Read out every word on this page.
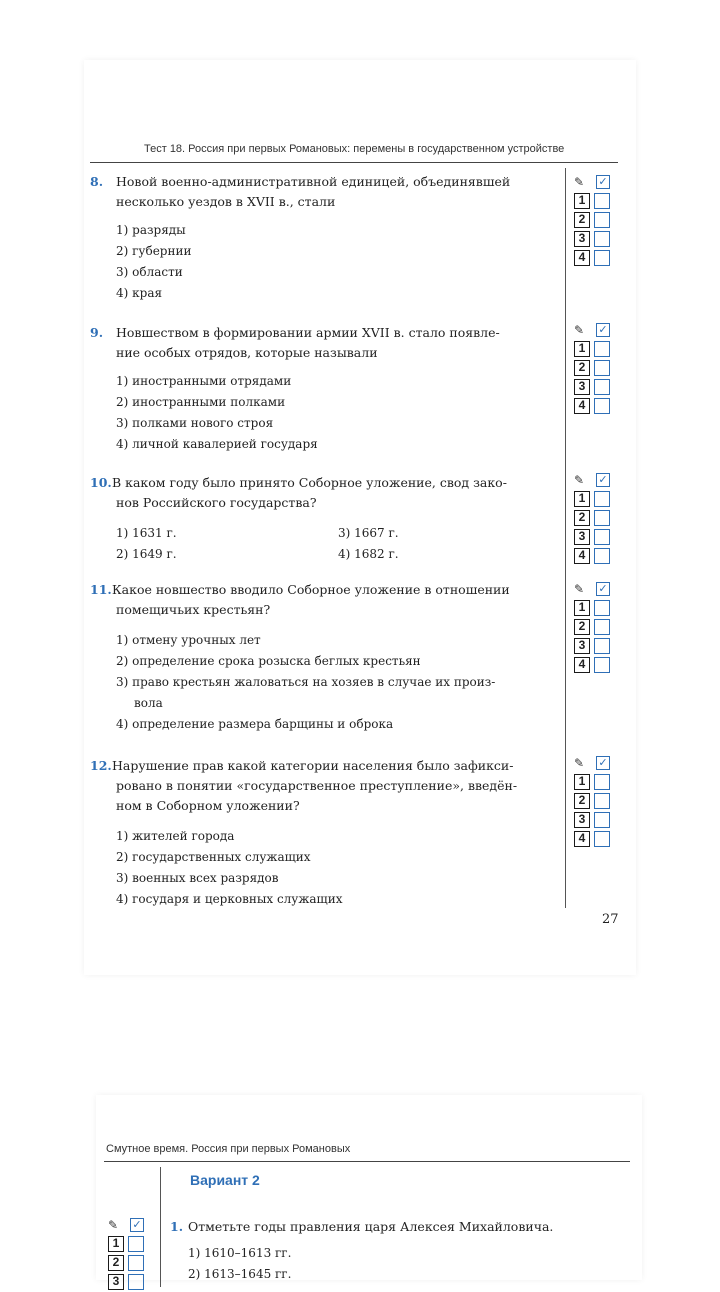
Тест 18. Россия при первых Романовых: перемены в государственном устройстве
8. Новой военно-административной единицей, объединявшей
несколько уездов в XVII в., стали
1) разряды
2) губернии
3) области
4) края
✎ ✓
1
2
3
4
9. Новшеством в формировании армии XVII в. стало появле-
ние особых отрядов, которые называли
1) иностранными отрядами
2) иностранными полками
3) полками нового строя
4) личной кавалерией государя
✎ ✓
1
2
3
4
10. В каком году было принято Соборное уложение, свод зако-
нов Российского государства?
1) 1631 г.	3) 1667 г.
2) 1649 г.	4) 1682 г.
✎ ✓
1
2
3
4
11. Какое новшество вводило Соборное уложение в отношении
помещичьих крестьян?
1) отмену урочных лет
2) определение срока розыска беглых крестьян
3) право крестьян жаловаться на хозяев в случае их произ-
вола
4) определение размера барщины и оброка
✎ ✓
1
2
3
4
12. Нарушение прав какой категории населения было зафикси-
ровано в понятии «государственное преступление», введён-
ном в Соборном уложении?
1) жителей города
2) государственных служащих
3) военных всех разрядов
4) государя и церковных служащих
✎ ✓
1
2
3
4
27
Смутное время. Россия при первых Романовых
Вариант 2
✎ ✓
1
2
3
1. Отметьте годы правления царя Алексея Михайловича.
1) 1610–1613 гг.
2) 1613–1645 гг.
